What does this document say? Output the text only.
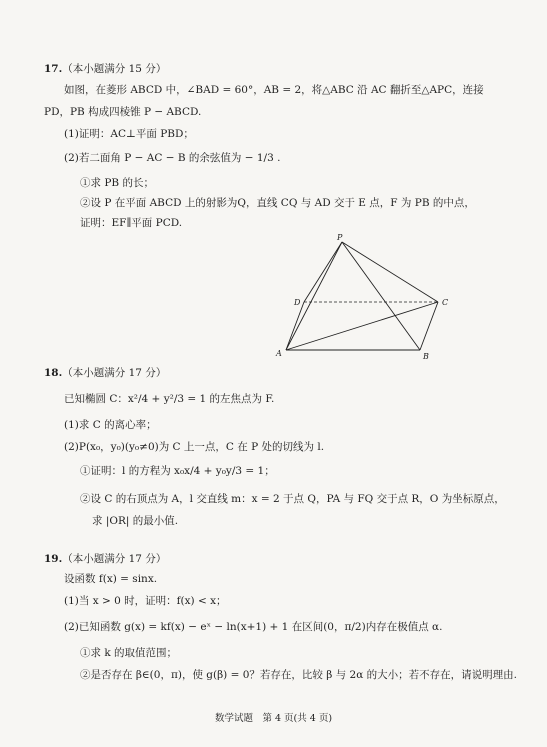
17.（本小题满分 15 分）
如图，在菱形 ABCD 中，∠BAD = 60°，AB = 2，将△ABC 沿 AC 翻折至△APC，连接
PD，PB 构成四棱锥 P − ABCD.
(1)证明：AC⊥平面 PBD；
(2)若二面角 P − AC − B 的余弦值为 − 1/3 .
①求 PB 的长；
②设 P 在平面 ABCD 上的射影为Q，直线 CQ 与 AD 交于 E 点，F 为 PB 的中点，
证明：EF∥平面 PCD.
P
D	C
A	B
18.（本小题满分 17 分）
已知椭圆 C：x²/4 + y²/3 = 1 的左焦点为 F.
(1)求 C 的离心率；
(2)P(x₀，y₀)(y₀≠0)为 C 上一点，C 在 P 处的切线为 l.
①证明：l 的方程为 x₀x/4 + y₀y/3 = 1；
②设 C 的右顶点为 A，l 交直线 m：x = 2 于点 Q，PA 与 FQ 交于点 R，O 为坐标原点，
求 |OR| 的最小值.
19.（本小题满分 17 分）
设函数 f(x) = sinx.
(1)当 x > 0 时，证明：f(x) < x；
(2)已知函数 g(x) = kf(x) − eˣ − ln(x+1) + 1 在区间(0，π/2)内存在极值点 α.
①求 k 的取值范围；
②是否存在 β∈(0，π)，使 g(β) = 0？若存在，比较 β 与 2α 的大小；若不存在，请说明理由.
数学试题　第 4 页(共 4 页)
